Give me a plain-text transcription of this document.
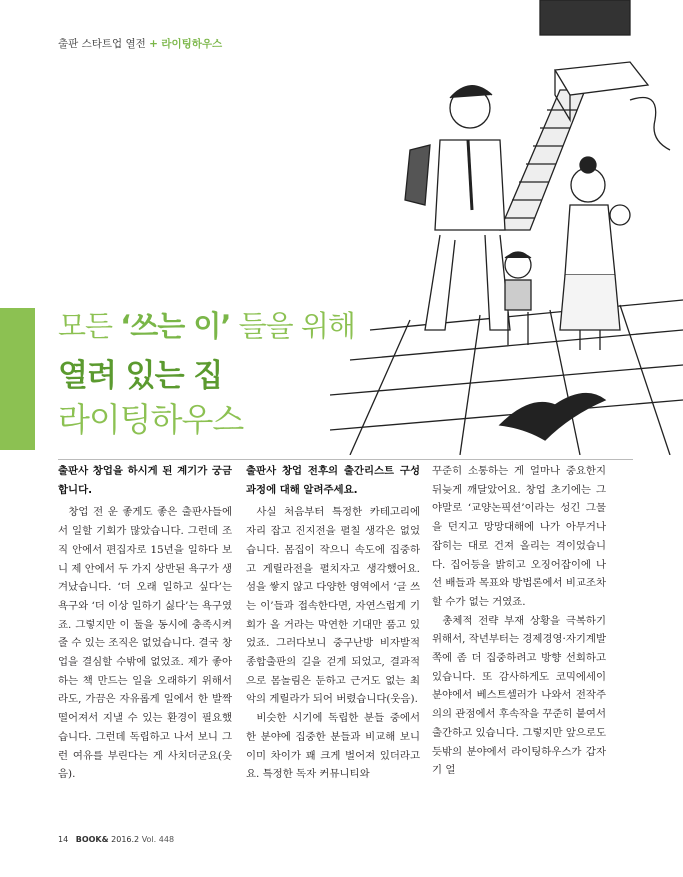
출판 스타트업 열전 + 라이팅하우스
모든 ‘쓰는 이’ 들을 위해
열려 있는 집
라이팅하우스
출판사 창업을 하시게 된 계기가 궁금합니다.

창업 전 운 좋게도 좋은 출판사들에서 일할 기회가 많았습니다. 그런데 조직 안에서 편집자로 15년을 일하다 보니 제 안에서 두 가지 상반된 욕구가 생겨났습니다. ‘더 오래 일하고 싶다’는 욕구와 ‘더 이상 일하기 싫다’는 욕구였죠. 그렇지만 이 둘을 동시에 충족시켜 줄 수 있는 조직은 없었습니다. 결국 창업을 결심할 수밖에 없었죠. 제가 좋아하는 책 만드는 일을 오래하기 위해서라도, 가끔은 자유롭게 일에서 한 발짝 떨어져서 지낼 수 있는 환경이 필요했습니다. 그런데 독립하고 나서 보니 그런 여유를 부린다는 게 사치더군요(웃음).

출판사 창업 전후의 출간리스트 구성 과정에 대해 알려주세요.

사실 처음부터 특정한 카테고리에 자리 잡고 진지전을 펼칠 생각은 없었습니다. 몸집이 작으니 속도에 집중하고 게릴라전을 펼치자고 생각했어요. 섬을 쌓지 않고 다양한 영역에서 ‘글 쓰는 이’들과 접속한다면, 자연스럽게 기회가 올 거라는 막연한 기대만 품고 있었죠. 그러다보니 중구난방 비자발적 종합출판의 길을 걷게 되었고, 결과적으로 몸놀림은 둔하고 근거도 없는 최악의 게릴라가 되어 버렸습니다(웃음).

비슷한 시기에 독립한 분들 중에서 한 분야에 집중한 분들과 비교해 보니 이미 차이가 꽤 크게 벌어져 있더라고요. 특정한 독자 커뮤니티와

꾸준히 소통하는 게 얼마나 중요한지 뒤늦게 깨달았어요. 창업 초기에는 그야말로 ‘교양논픽션’이라는 성긴 그물을 던지고 망망대해에 나가 아무거나 잡히는 대로 건져 올리는 격이었습니다. 집어등을 밝히고 오징어잡이에 나선 배들과 목표와 방법론에서 비교조차 할 수가 없는 거였죠.

총체적 전략 부재 상황을 극복하기 위해서, 작년부터는 경제경영·자기계발 쪽에 좀 더 집중하려고 방향 선회하고 있습니다. 또 감사하게도 코믹에세이 분야에서 베스트셀러가 나와서 전작주의의 관점에서 후속작을 꾸준히 붙여서 출간하고 있습니다. 그렇지만 앞으로도 듯밖의 분야에서 라이팅하우스가 갑자기 얼

14 BOOK& 2016.2 Vol. 448
